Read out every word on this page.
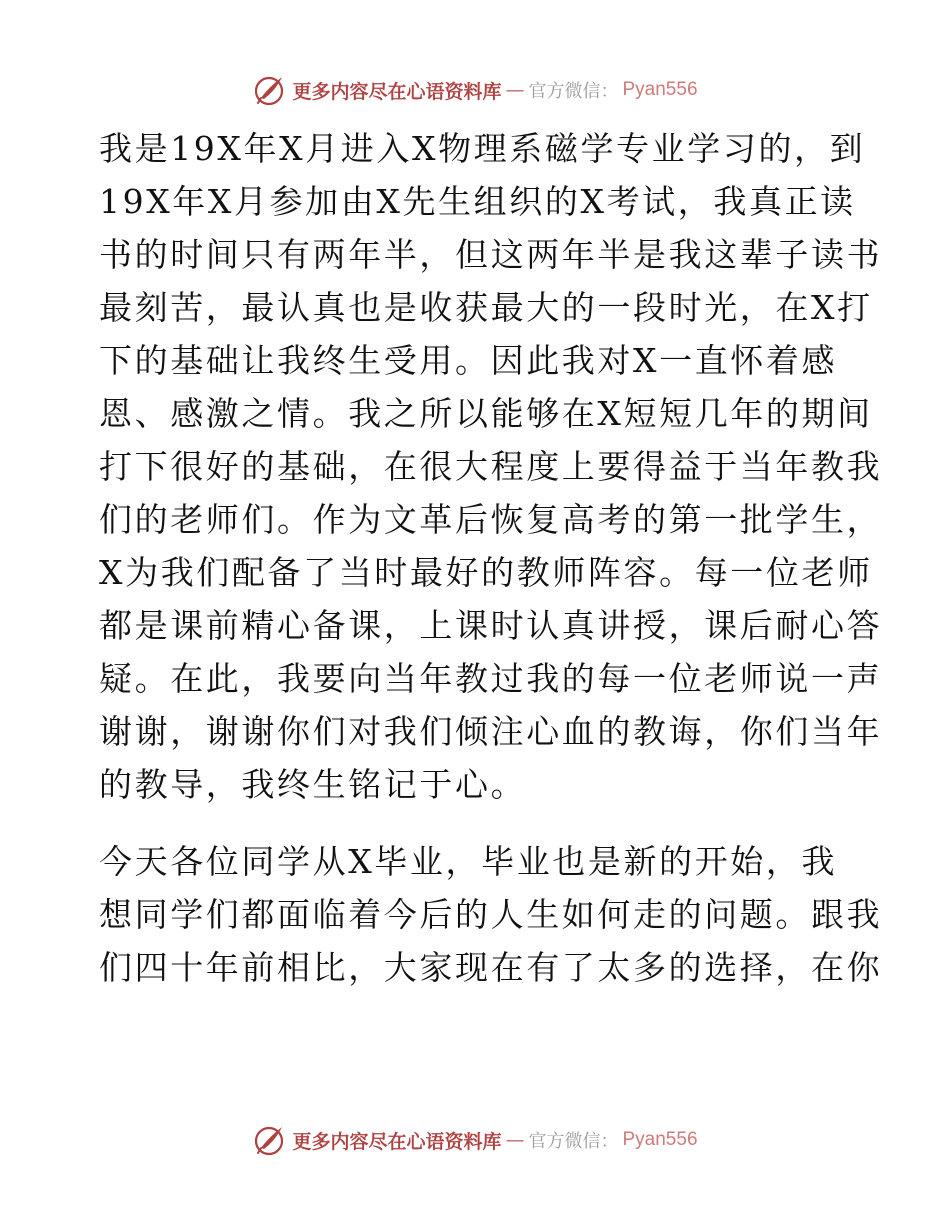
更多内容尽在心语资料库 — 官方微信： Pyan556
我是19X年X月进入X物理系磁学专业学习的，到
19X年X月参加由X先生组织的X考试，我真正读
书的时间只有两年半，但这两年半是我这辈子读书
最刻苦，最认真也是收获最大的一段时光，在X打
下的基础让我终生受用。因此我对X一直怀着感
恩、感激之情。我之所以能够在X短短几年的期间
打下很好的基础，在很大程度上要得益于当年教我
们的老师们。作为文革后恢复高考的第一批学生，
X为我们配备了当时最好的教师阵容。每一位老师
都是课前精心备课，上课时认真讲授，课后耐心答
疑。在此，我要向当年教过我的每一位老师说一声
谢谢，谢谢你们对我们倾注心血的教诲，你们当年
的教导，我终生铭记于心。
今天各位同学从X毕业，毕业也是新的开始，我
想同学们都面临着今后的人生如何走的问题。跟我
们四十年前相比，大家现在有了太多的选择，在你
更多内容尽在心语资料库 — 官方微信： Pyan556
